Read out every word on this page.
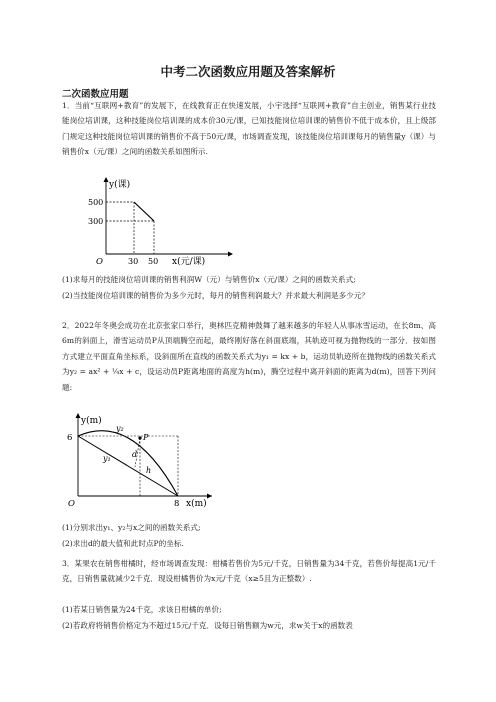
中考二次函数应用题及答案解析
二次函数应用题
1．当前“互联网+教育”的发展下，在线教育正在快速发展，小宇选择“互联网+教育”自主创业，销售某行业技能岗位培训课，这种技能岗位培训课的成本价30元/课，已知技能岗位培训课的销售价不低于成本价，且上级部门规定这种技能岗位培训课的销售价不高于50元/课，市场调查发现，该技能岗位培训课每月的销售量y（课）与销售价x（元/课）之间的函数关系如图所示.
y(课)
500
300
O	30 50 x(元/课)
(1)求每月的技能岗位培训课的销售利润W（元）与销售价x（元/课）之间的函数关系式;
(2)当技能岗位培训课的销售价为多少元时，每月的销售利润最大？并求最大利润是多少元？
2．2022年冬奥会成功在北京张家口举行，奥林匹克精神鼓舞了越来越多的年轻人从事冰雪运动，在长8m、高6m的斜面上，滑雪运动员P从顶端腾空而起，最终刚好落在斜面底端，其轨迹可视为抛物线的一部分．按如图方式建立平面直角坐标系，设斜面所在直线的函数关系式为y₁ = kx + b，运动员轨迹所在抛物线的函数关系式为y₂ = ax² + ¼x + c，设运动员P距离地面的高度为h(m)，腾空过程中离开斜面的距离为d(m)，回答下列问题:
y(m)
6
O	8 x(m)
y₂
P
d
y₁
h
(1)分别求出y₁、y₂与x之间的函数关系式;
(2)求出d的最大值和此时点P的坐标.
3．某果农在销售柑橘时，经市场调查发现：柑橘若售价为5元/千克，日销售量为34千克，若售价每提高1元/千克，日销售量就减少2千克．现设柑橘售价为x元/千克（x≥5且为正整数）.
(1)若某日销售量为24千克，求该日柑橘的单价;
(2)若政府将销售价格定为不超过15元/千克．设每日销售额为w元，求w关于x的函数表
